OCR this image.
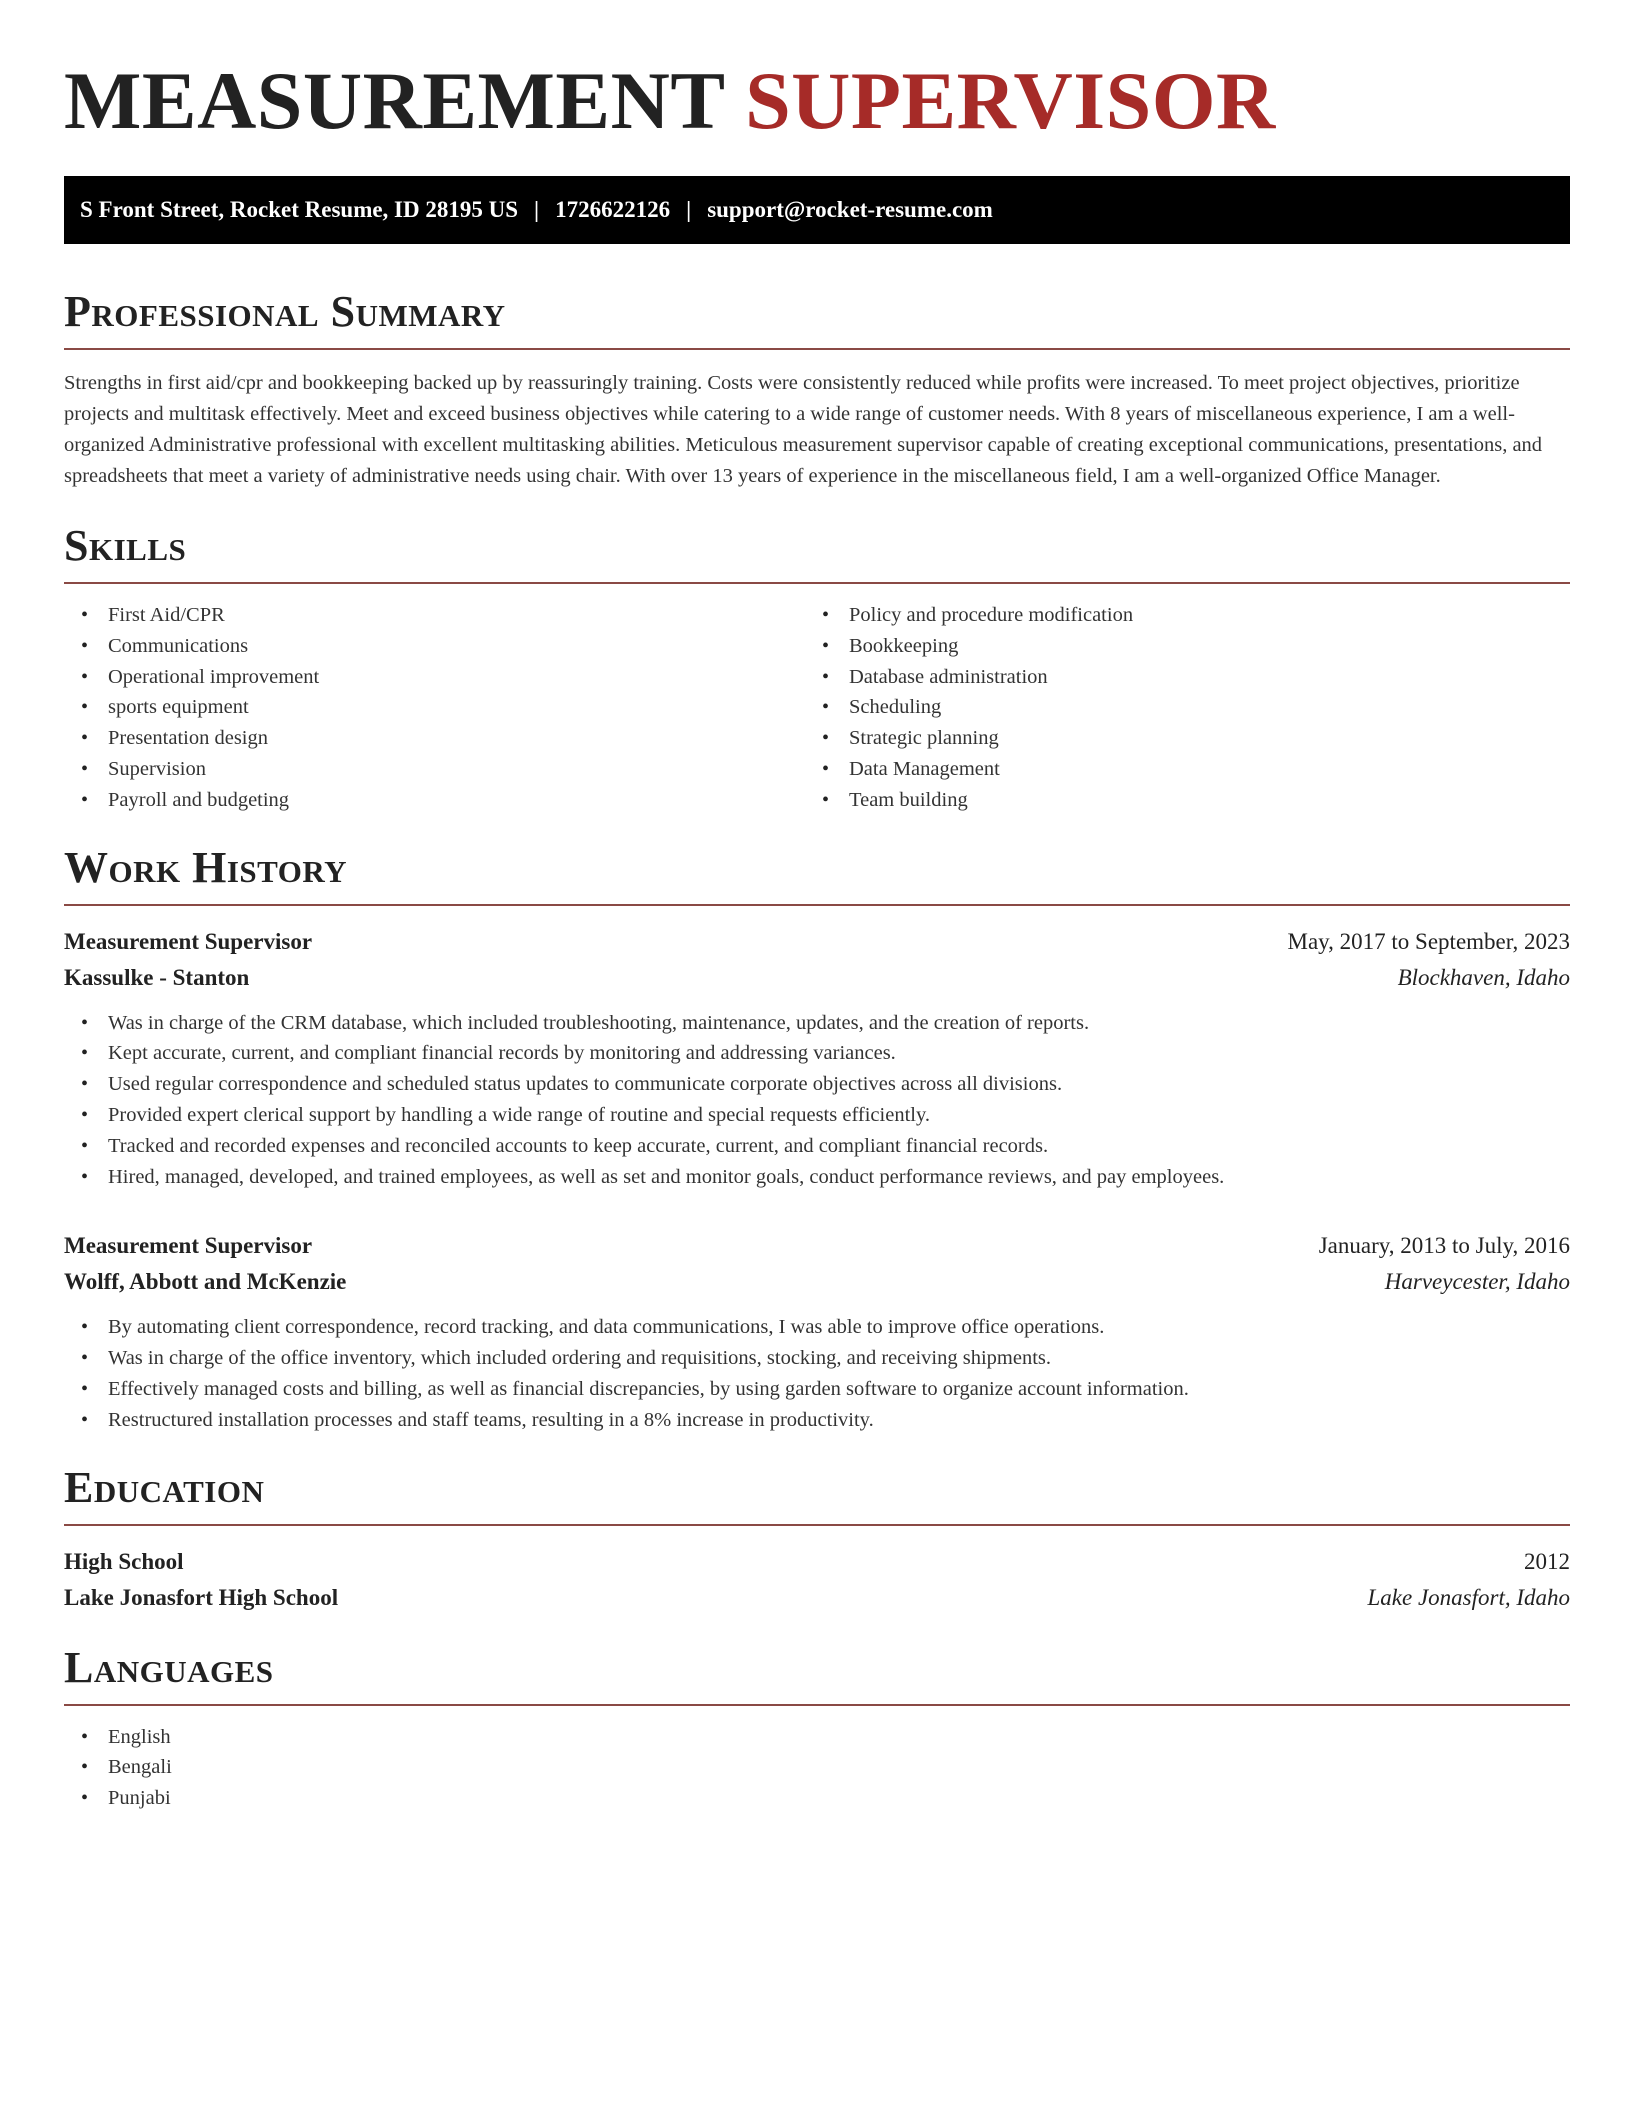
MEASUREMENT SUPERVISOR
S Front Street, Rocket Resume, ID 28195 US | 1726622126 | support@rocket-resume.com
Professional Summary

Strengths in first aid/cpr and bookkeeping backed up by reassuringly training. Costs were consistently reduced while profits were increased. To meet project objectives, prioritize projects and multitask effectively. Meet and exceed business objectives while catering to a wide range of customer needs. With 8 years of miscellaneous experience, I am a well-organized Administrative professional with excellent multitasking abilities. Meticulous measurement supervisor capable of creating exceptional communications, presentations, and spreadsheets that meet a variety of administrative needs using chair. With over 13 years of experience in the miscellaneous field, I am a well-organized Office Manager.

Skills
• First Aid/CPR
• Communications
• Operational improvement
• sports equipment
• Presentation design
• Supervision
• Payroll and budgeting
• Policy and procedure modification
• Bookkeeping
• Database administration
• Scheduling
• Strategic planning
• Data Management
• Team building
Work History
Measurement Supervisor	May, 2017 to September, 2023
Kassulke - Stanton	Blockhaven, Idaho
• Was in charge of the CRM database, which included troubleshooting, maintenance, updates, and the creation of reports.
• Kept accurate, current, and compliant financial records by monitoring and addressing variances.
• Used regular correspondence and scheduled status updates to communicate corporate objectives across all divisions.
• Provided expert clerical support by handling a wide range of routine and special requests efficiently.
• Tracked and recorded expenses and reconciled accounts to keep accurate, current, and compliant financial records.
• Hired, managed, developed, and trained employees, as well as set and monitor goals, conduct performance reviews, and pay employees.
Measurement Supervisor	January, 2013 to July, 2016
Wolff, Abbott and McKenzie	Harveycester, Idaho
• By automating client correspondence, record tracking, and data communications, I was able to improve office operations.
• Was in charge of the office inventory, which included ordering and requisitions, stocking, and receiving shipments.
• Effectively managed costs and billing, as well as financial discrepancies, by using garden software to organize account information.
• Restructured installation processes and staff teams, resulting in a 8% increase in productivity.
Education
High School	2012
Lake Jonasfort High School	Lake Jonasfort, Idaho
Languages
• English
• Bengali
• Punjabi
